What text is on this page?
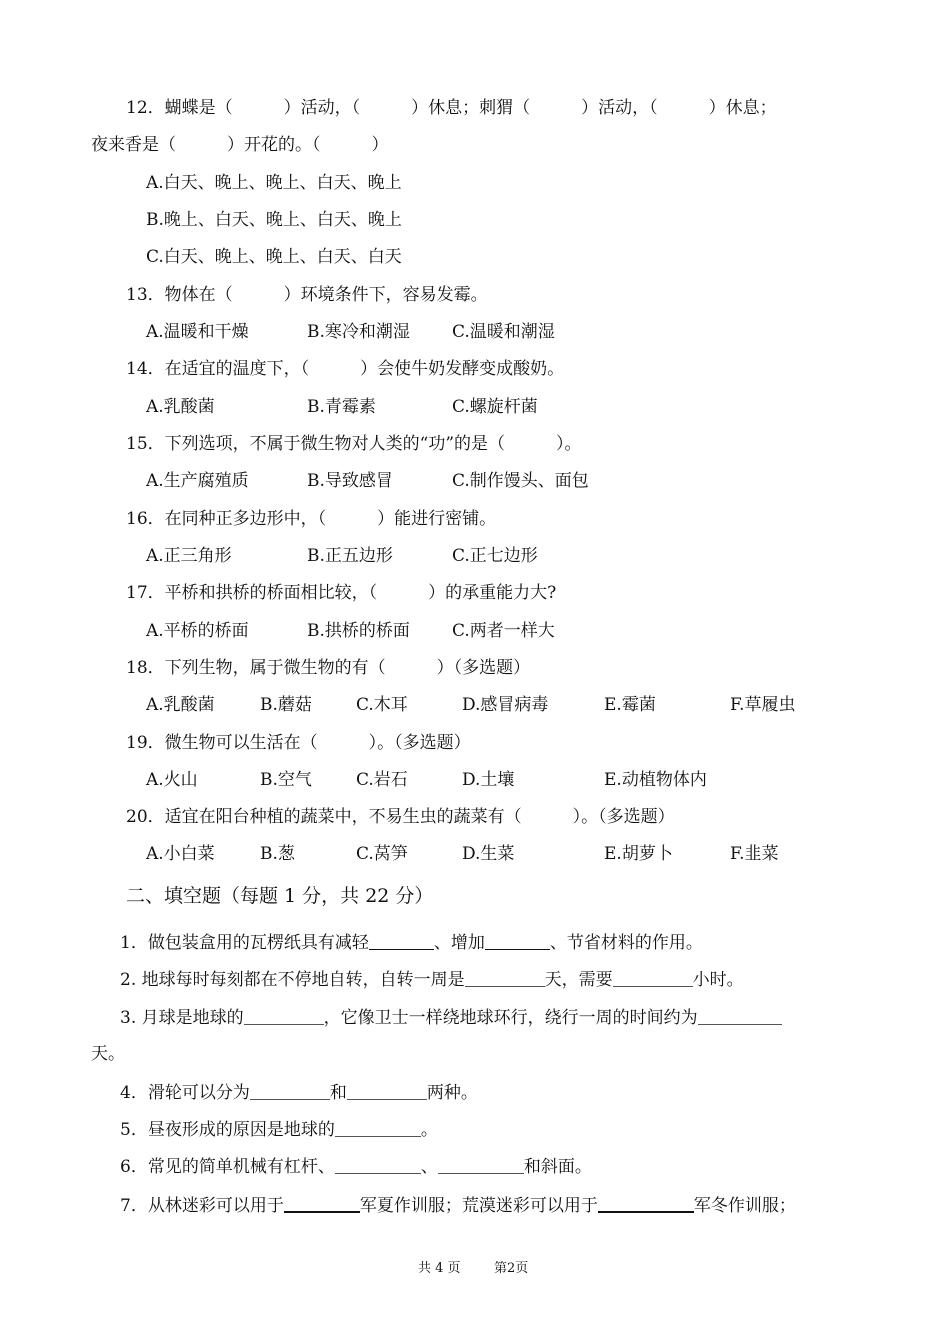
12．蝴蝶是（　　　）活动，（　　　）休息；刺猬（　　　）活动，（　　　）休息；
夜来香是（　　　）开花的。（　　　）
A.白天、晚上、晚上、白天、晚上
B.晚上、白天、晚上、白天、晚上
C.白天、晚上、晚上、白天、白天
13．物体在（　　　）环境条件下，容易发霉。

A.温暖和干燥

	B.寒冷和潮湿

C.温暖和潮湿

14．在适宜的温度下，（　　　）会使牛奶发酵变成酸奶。

A.乳酸菌

	B.青霉素

	C.螺旋杆菌

15．下列选项，不属于微生物对人类的“功”的是（　　　）。

A.生产腐殖质

	B.导致感冒

	C.制作馒头、面包

16．在同种正多边形中，（　　　）能进行密铺。

A.正三角形

	B.正五边形

	C.正七边形

17．平桥和拱桥的桥面相比较，（　　　）的承重能力大?

A.平桥的桥面

	B.拱桥的桥面

C.两者一样大

18．下列生物，属于微生物的有（　　　）（多选题）

A.乳酸菌

	B.蘑菇

	C.木耳

	D.感冒病毒

	E.霉菌

	F.草履虫

19．微生物可以生活在（　　　）。（多选题）

A.火山

	B.空气

	C.岩石

	D.土壤

	E.动植物体内

20．适宜在阳台种植的蔬菜中，不易生虫的蔬菜有（　　　）。（多选题）

A.小白菜

	B.葱

	C.莴笋

	D.生菜

	E.胡萝卜

	F.韭菜

二、填空题（每题 1 分，共 22 分）
1．做包装盒用的瓦楞纸具有减轻	、增加	、节省材料的作用。
2. 地球每时每刻都在不停地自转，自转一周是	天，需要	小时。
3. 月球是地球的	，它像卫士一样绕地球环行，绕行一周的时间约为
天。
4．滑轮可以分为	和	两种。
5．昼夜形成的原因是地球的	。
6．常见的简单机械有杠杆、	、	和斜面。
7．从林迷彩可以用于	军夏作训服；荒漠迷彩可以用于	军冬作训服；
共 4 页	第2页
